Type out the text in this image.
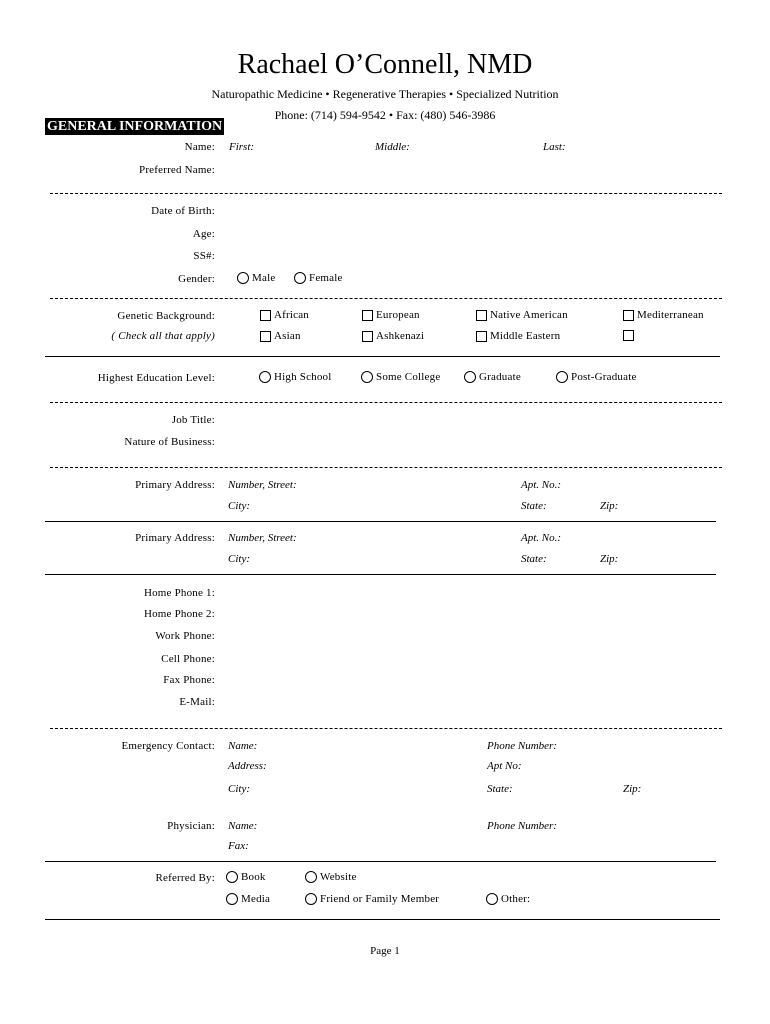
Rachael O’Connell, NMD
Naturopathic Medicine • Regenerative Therapies • Specialized Nutrition
Phone: (714) 594-9542 • Fax: (480) 546-3986
GENERAL INFORMATION
Name: First:	Middle:	Last:
Preferred Name:
Date of Birth:
Age:
SS#:
Gender:	Male	Female
Genetic Background:
( Check all that apply)
African	European	Native American	Mediterranean
Asian	Ashkenazi	Middle Eastern
Highest Education Level:	High School	Some College	Graduate	Post-Graduate
Job Title:
Nature of Business:
Primary Address: Number, Street:	Apt. No.:
City:	State:	Zip:
Primary Address: Number, Street:	Apt. No.:
City:	State:	Zip:
Home Phone 1:
Home Phone 2:
Work Phone:
Cell Phone:
Fax Phone:
E-Mail:
Emergency Contact: Name:	Phone Number:
Address:	Apt No:
City:	State:	Zip:
Physician: Name:	Phone Number:
Fax:
Referred By: Book	Website
Media	Friend or Family Member	Other:
Page 1
